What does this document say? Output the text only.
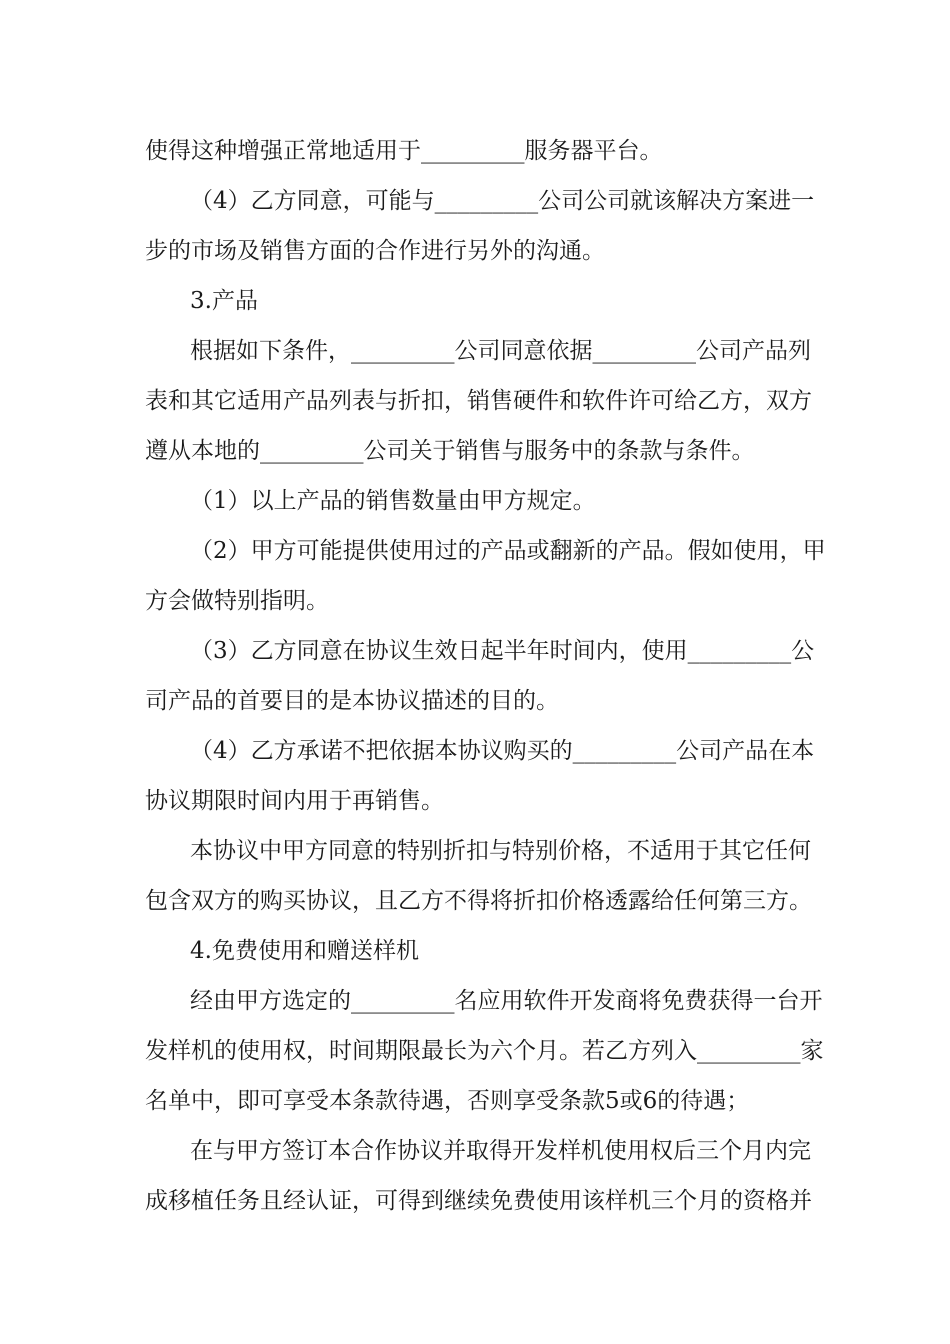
使得这种增强正常地适用于_________服务器平台。
（4）乙方同意，可能与_________公司公司就该解决方案进一
步的市场及销售方面的合作进行另外的沟通。
3.产品
根据如下条件，_________公司同意依据_________公司产品列
表和其它适用产品列表与折扣，销售硬件和软件许可给乙方，双方
遵从本地的_________公司关于销售与服务中的条款与条件。
（1）以上产品的销售数量由甲方规定。
（2）甲方可能提供使用过的产品或翻新的产品。假如使用，甲
方会做特别指明。
（3）乙方同意在协议生效日起半年时间内，使用_________公
司产品的首要目的是本协议描述的目的。
（4）乙方承诺不把依据本协议购买的_________公司产品在本
协议期限时间内用于再销售。
本协议中甲方同意的特别折扣与特别价格，不适用于其它任何
包含双方的购买协议，且乙方不得将折扣价格透露给任何第三方。
4.免费使用和赠送样机
经由甲方选定的_________名应用软件开发商将免费获得一台开
发样机的使用权，时间期限最长为六个月。若乙方列入_________家
名单中，即可享受本条款待遇，否则享受条款5或6的待遇；
在与甲方签订本合作协议并取得开发样机使用权后三个月内完
成移植任务且经认证，可得到继续免费使用该样机三个月的资格并
